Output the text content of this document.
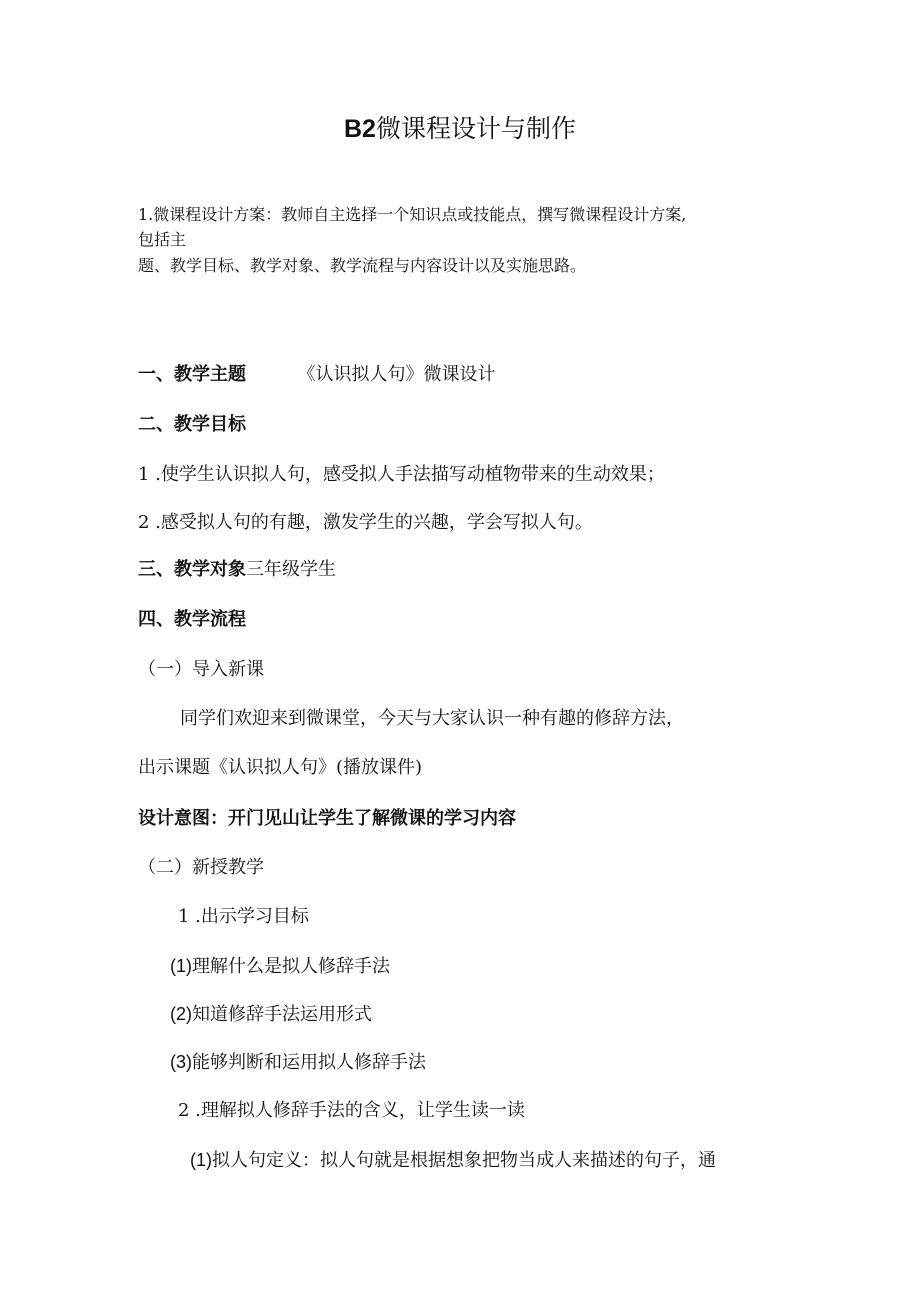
B2微课程设计与制作
1.微课程设计方案：教师自主选择一个知识点或技能点，撰写微课程设计方案,
包括主
题、教学目标、教学对象、教学流程与内容设计以及实施思路。
一、教学主题	《认识拟人句》微课设计
二、教学目标
1 .使学生认识拟人句，感受拟人手法描写动植物带来的生动效果；
2 .感受拟人句的有趣，激发学生的兴趣，学会写拟人句。
三、教学对象三年级学生
四、教学流程
（一）导入新课
同学们欢迎来到微课堂，今天与大家认识一种有趣的修辞方法，
出示课题《认识拟人句》(播放课件)
设计意图：开门见山让学生了解微课的学习内容
（二）新授教学
1 .出示学习目标
(1)理解什么是拟人修辞手法
(2)知道修辞手法运用形式
(3)能够判断和运用拟人修辞手法
2 .理解拟人修辞手法的含义，让学生读一读
(1)拟人句定义：拟人句就是根据想象把物当成人来描述的句子，通
